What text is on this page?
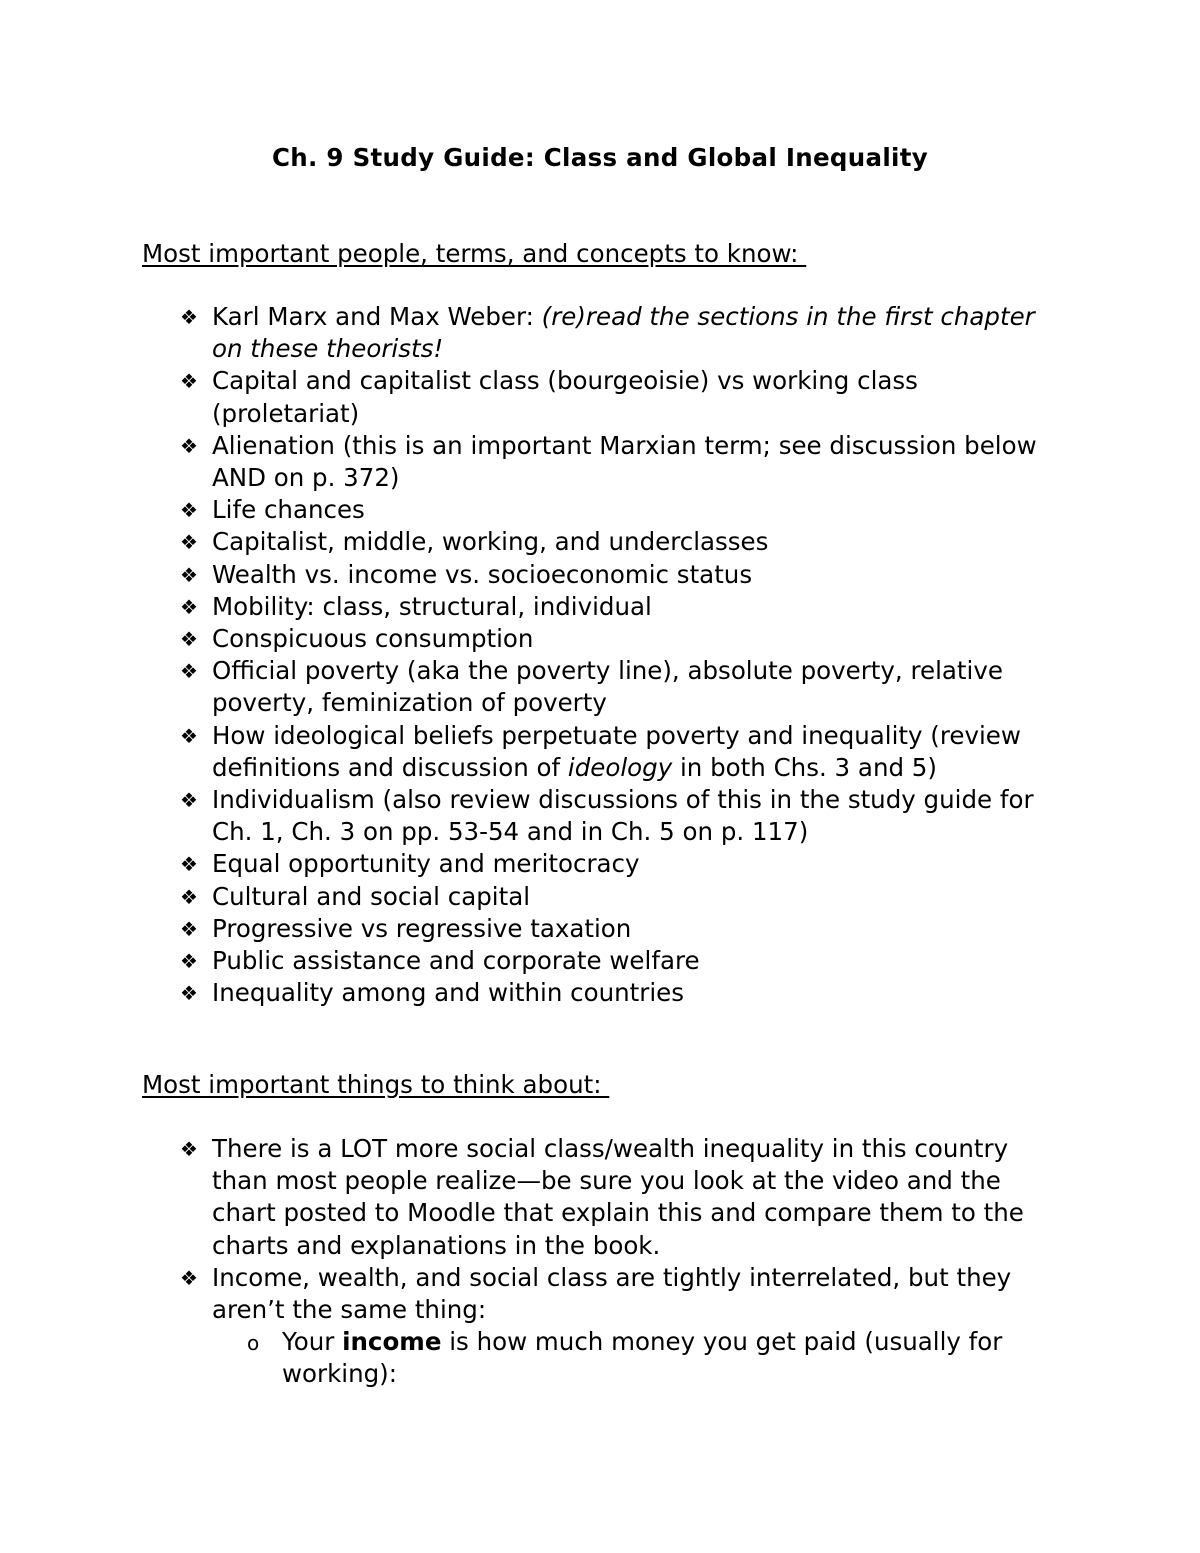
Ch. 9 Study Guide: Class and Global Inequality
Most important people, terms, and concepts to know:
❖ Karl Marx and Max Weber: (re)read the sections in the first chapter on these theorists!
❖ Capital and capitalist class (bourgeoisie) vs working class (proletariat)
❖ Alienation (this is an important Marxian term; see discussion below AND on p. 372)
❖ Life chances
❖ Capitalist, middle, working, and underclasses
❖ Wealth vs. income vs. socioeconomic status
❖ Mobility: class, structural, individual
❖ Conspicuous consumption
❖ Official poverty (aka the poverty line), absolute poverty, relative poverty, feminization of poverty
❖ How ideological beliefs perpetuate poverty and inequality (review definitions and discussion of ideology in both Chs. 3 and 5)
❖ Individualism (also review discussions of this in the study guide for Ch. 1, Ch. 3 on pp. 53-54 and in Ch. 5 on p. 117)
❖ Equal opportunity and meritocracy
❖ Cultural and social capital
❖ Progressive vs regressive taxation
❖ Public assistance and corporate welfare
❖ Inequality among and within countries
Most important things to think about:
❖ There is a LOT more social class/wealth inequality in this country than most people realize—be sure you look at the video and the chart posted to Moodle that explain this and compare them to the charts and explanations in the book.
❖ Income, wealth, and social class are tightly interrelated, but they aren’t the same thing:
o Your income is how much money you get paid (usually for working):
